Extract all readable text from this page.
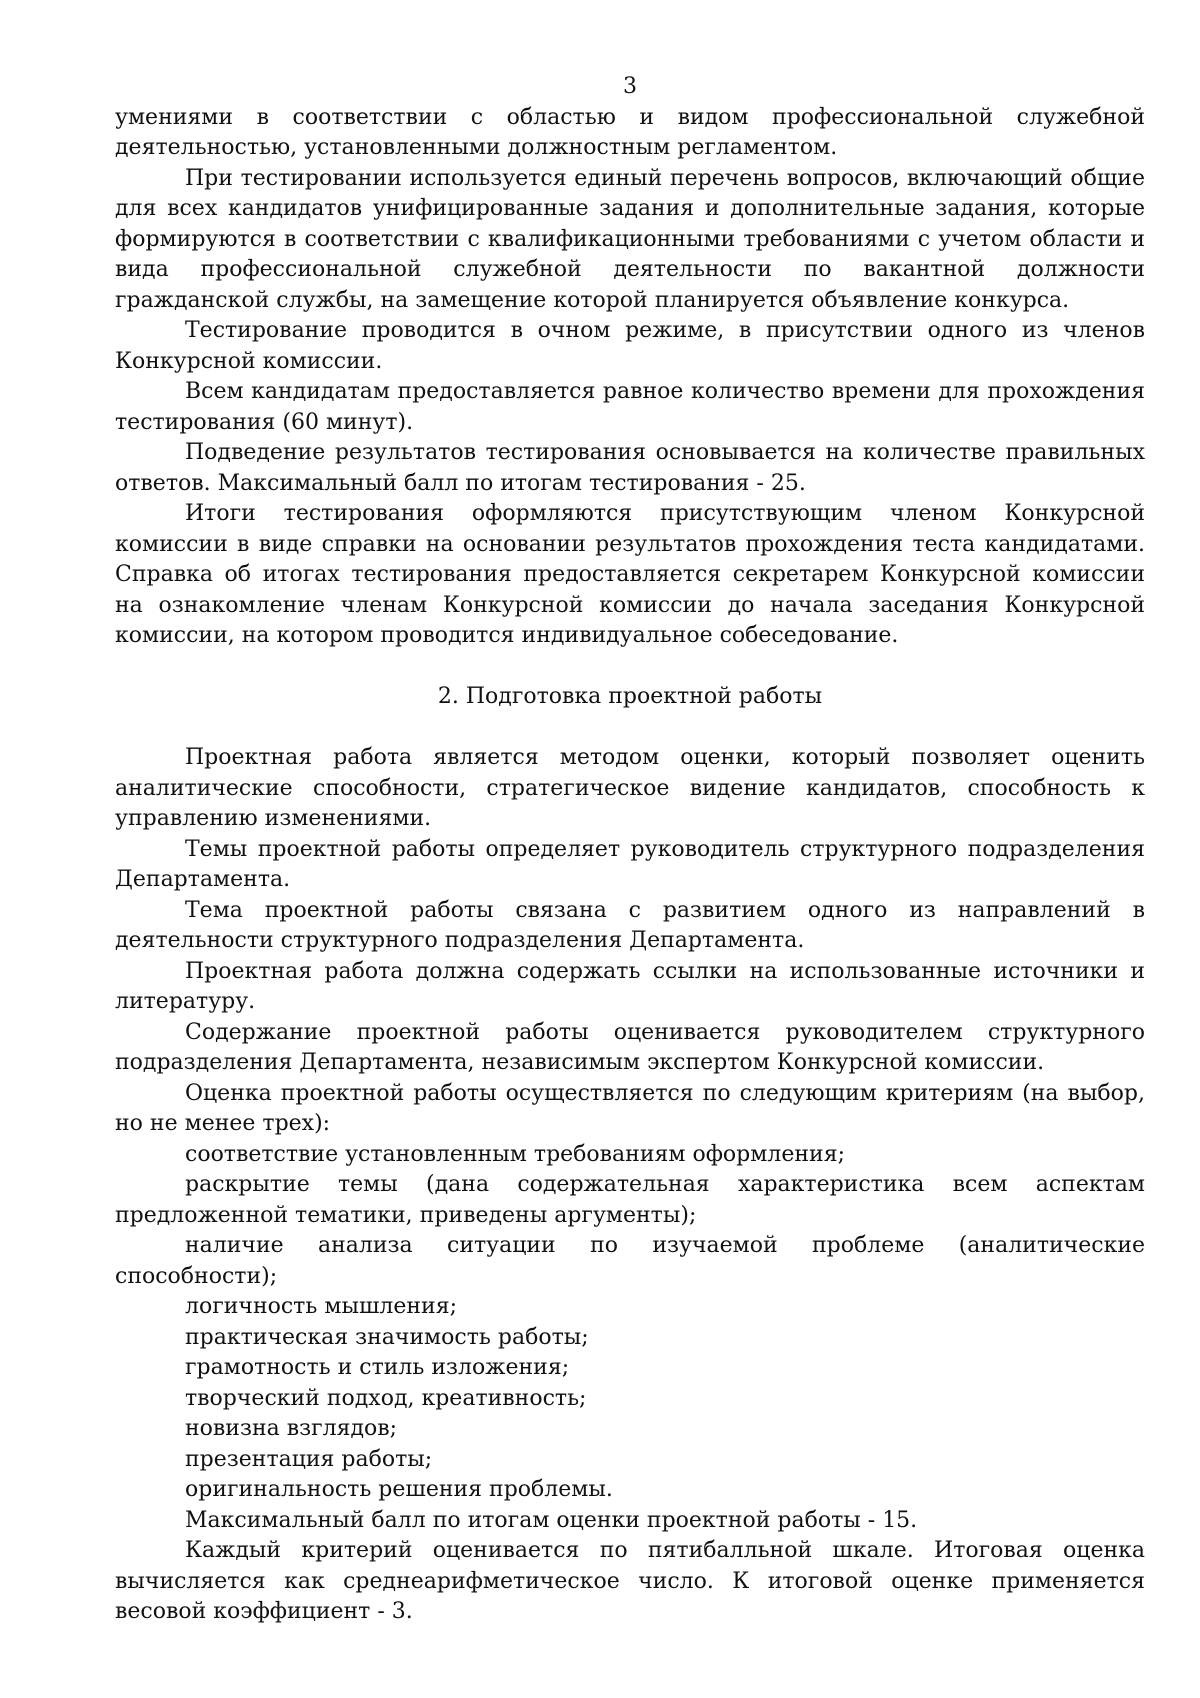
3

умениями в соответствии с областью и видом профессиональной служебной деятельностью, установленными должностным регламентом.

При тестировании используется единый перечень вопросов, включающий общие для всех кандидатов унифицированные задания и дополнительные задания, которые формируются в соответствии с квалификационными требованиями с учетом области и вида профессиональной служебной деятельности по вакантной должности гражданской службы, на замещение которой планируется объявление конкурса.

Тестирование проводится в очном режиме, в присутствии одного из членов Конкурсной комиссии.

Всем кандидатам предоставляется равное количество времени для прохождения тестирования (60 минут).

Подведение результатов тестирования основывается на количестве правильных ответов. Максимальный балл по итогам тестирования - 25.

Итоги тестирования оформляются присутствующим членом Конкурсной комиссии в виде справки на основании результатов прохождения теста кандидатами. Справка об итогах тестирования предоставляется секретарем Конкурсной комиссии на ознакомление членам Конкурсной комиссии до начала заседания Конкурсной комиссии, на котором проводится индивидуальное собеседование.

2. Подготовка проектной работы

Проектная работа является методом оценки, который позволяет оценить аналитические способности, стратегическое видение кандидатов, способность к управлению изменениями.

Темы проектной работы определяет руководитель структурного подразделения Департамента.

Тема проектной работы связана с развитием одного из направлений в деятельности структурного подразделения Департамента.

Проектная работа должна содержать ссылки на использованные источники и литературу.

Содержание проектной работы оценивается руководителем структурного подразделения Департамента, независимым экспертом Конкурсной комиссии.

Оценка проектной работы осуществляется по следующим критериям (на выбор, но не менее трех):

соответствие установленным требованиям оформления;

раскрытие темы (дана содержательная характеристика всем аспектам предложенной тематики, приведены аргументы);

наличие анализа ситуации по изучаемой проблеме (аналитические способности);

логичность мышления;

практическая значимость работы;

грамотность и стиль изложения;

творческий подход, креативность;

новизна взглядов;

презентация работы;

оригинальность решения проблемы.

Максимальный балл по итогам оценки проектной работы - 15.

Каждый критерий оценивается по пятибалльной шкале. Итоговая оценка вычисляется как среднеарифметическое число. К итоговой оценке применяется весовой коэффициент - 3.
